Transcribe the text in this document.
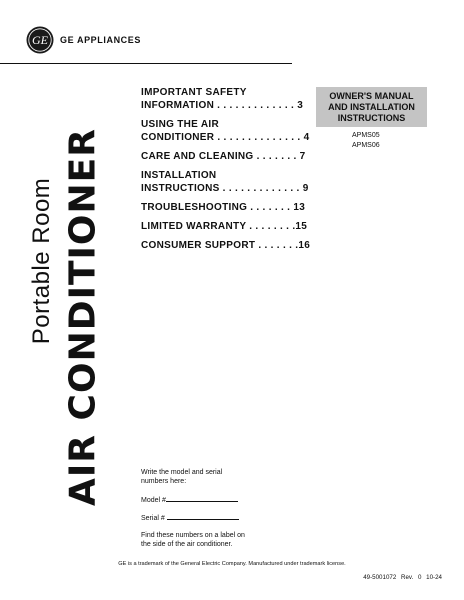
GE GE APPLIANCES
Portable Room AIR CONDITIONER
IMPORTANT SAFETY
INFORMATION . . . . . . . . . . . . . 3
USING THE AIR
CONDITIONER . . . . . . . . . . . . . . 4
CARE AND CLEANING . . . . . . . 7
INSTALLATION
INSTRUCTIONS . . . . . . . . . . . . . 9
TROUBLESHOOTING . . . . . . . 13
LIMITED WARRANTY . . . . . . . .15
CONSUMER SUPPORT . . . . . . .16
OWNER'S MANUAL
AND INSTALLATION
INSTRUCTIONS
APMS05
APMS06
Write the model and serial
numbers here:
Model #
Serial #
Find these numbers on a label on
the side of the air conditioner.
GE is a trademark of the General Electric Company. Manufactured under trademark license.
49-5001072 Rev. 0 10-24
